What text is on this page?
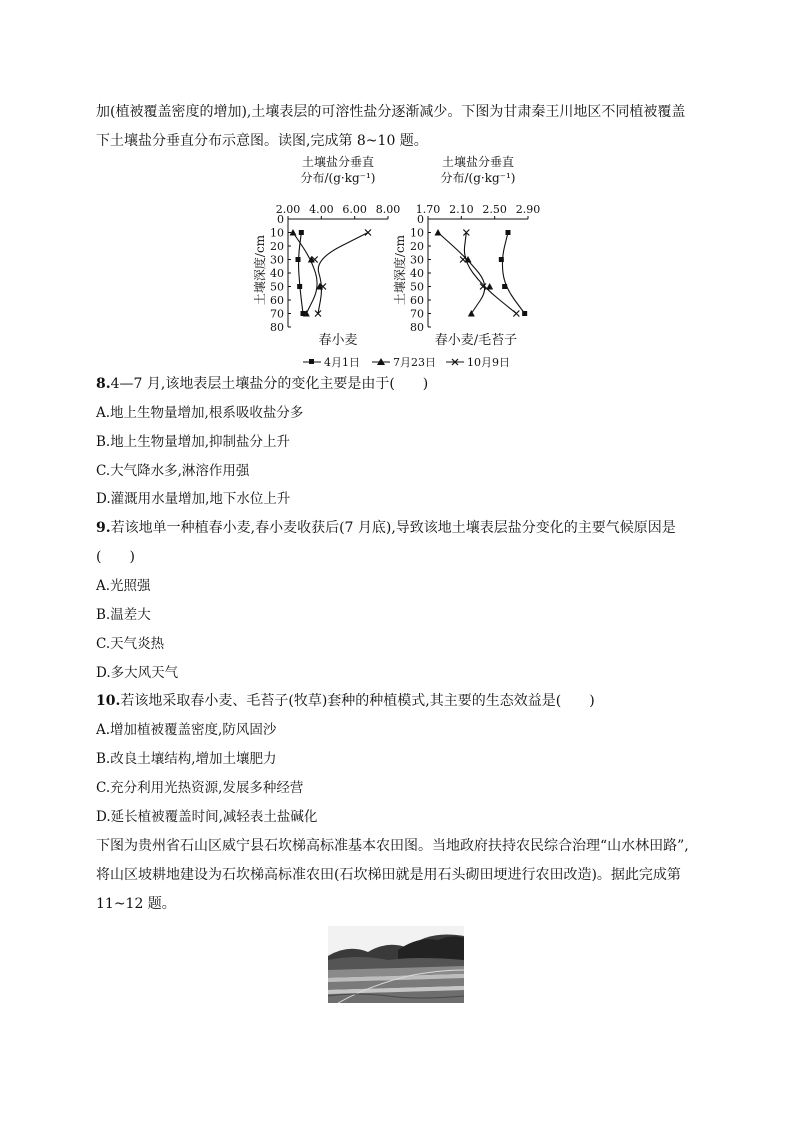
加(植被覆盖密度的增加),土壤表层的可溶性盐分逐渐减少。下图为甘肃秦王川地区不同植被覆盖
下土壤盐分垂直分布示意图。读图,完成第 8~10 题。
土壤盐分垂直
分布/(g·kg⁻¹)
土壤盐分垂直
分布/(g·kg⁻¹)
土壤深度/cm	土壤深度/cm
2.00 4.00 6.00 8.00
0
10
20
30
40
50
60
70
80
1.70 2.10 2.50 2.90
0
10
20
30
40
50
60
70
80
春小麦	春小麦/毛苔子
4月1日	7月23日	10月9日
8.4—7 月,该地表层土壤盐分的变化主要是由于(　　)
A.地上生物量增加,根系吸收盐分多
B.地上生物量增加,抑制盐分上升
C.大气降水多,淋溶作用强
D.灌溉用水量增加,地下水位上升
9.若该地单一种植春小麦,春小麦收获后(7 月底),导致该地土壤表层盐分变化的主要气候原因是
(　　)
A.光照强
B.温差大
C.天气炎热
D.多大风天气
10.若该地采取春小麦、毛苔子(牧草)套种的种植模式,其主要的生态效益是(　　)
A.增加植被覆盖密度,防风固沙
B.改良土壤结构,增加土壤肥力
C.充分利用光热资源,发展多种经营
D.延长植被覆盖时间,减轻表土盐碱化
下图为贵州省石山区威宁县石坎梯高标准基本农田图。当地政府扶持农民综合治理“山水林田路”,
将山区坡耕地建设为石坎梯高标准农田(石坎梯田就是用石头砌田埂进行农田改造)。据此完成第
11~12 题。
